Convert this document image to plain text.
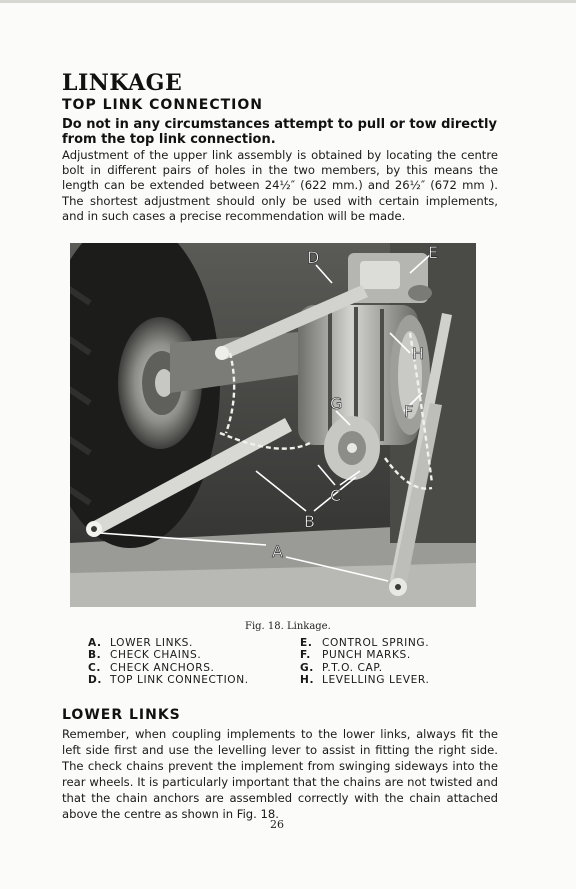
LINKAGE
TOP LINK CONNECTION
Do not in any circumstances attempt to pull or tow directly from the top link connection.
Adjustment of the upper link assembly is obtained by locating the centre bolt in different pairs of holes in the two members, by this means the length can be extended between 24½″ (622 mm.) and 26½″ (672 mm ). The shortest adjustment should only be used with certain implements, and in such cases a precise recommendation will be made.
D	E
H
F
G
C
B
A
Fig. 18. Linkage.
A. LOWER LINKS.
B. CHECK CHAINS.
C. CHECK ANCHORS.
D. TOP LINK CONNECTION.
E. CONTROL SPRING.
F. PUNCH MARKS.
G. P.T.O. CAP.
H. LEVELLING LEVER.
LOWER LINKS
Remember, when coupling implements to the lower links, always fit the left side first and use the levelling lever to assist in fitting the right side. The check chains prevent the implement from swinging sideways into the rear wheels. It is particularly important that the chains are not twisted and that the chain anchors are assembled correctly with the chain attached above the centre as shown in Fig. 18.
26
